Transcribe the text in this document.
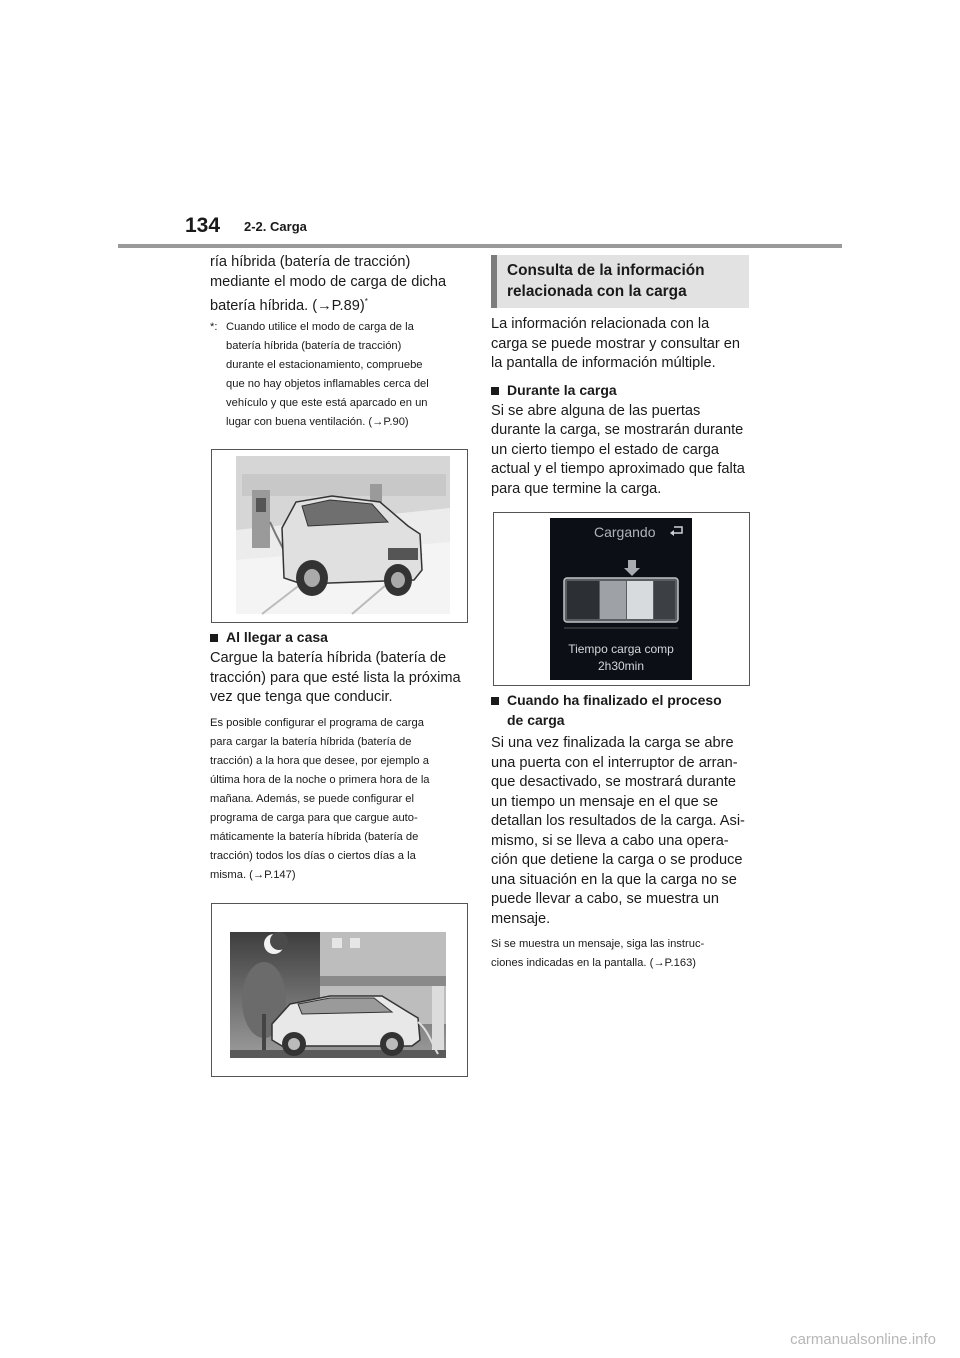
134 2-2. Carga

ría híbrida (batería de tracción)
mediante el modo de carga de dicha
batería híbrida. (→P.89)*

*: Cuando utilice el modo de carga de la
batería híbrida (batería de tracción)
durante el estacionamiento, compruebe
que no hay objetos inflamables cerca del
vehículo y que este está aparcado en un
lugar con buena ventilación. (→P.90)
Al llegar a casa

Cargue la batería híbrida (batería de
tracción) para que esté lista la próxima
vez que tenga que conducir.

Es posible configurar el programa de carga
para cargar la batería híbrida (batería de
tracción) a la hora que desee, por ejemplo a
última hora de la noche o primera hora de la
mañana. Además, se puede configurar el
programa de carga para que cargue auto-
máticamente la batería híbrida (batería de
tracción) todos los días o ciertos días a la
misma. (→P.147)

Consulta de la información
relacionada con la carga

La información relacionada con la
carga se puede mostrar y consultar en
la pantalla de información múltiple.

Durante la carga

Si se abre alguna de las puertas
durante la carga, se mostrarán durante
un cierto tiempo el estado de carga
actual y el tiempo aproximado que falta
para que termine la carga.

Cargando
Tiempo carga comp
2h30min
Cuando ha finalizado el proceso
de carga

Si una vez finalizada la carga se abre
una puerta con el interruptor de arran-
que desactivado, se mostrará durante
un tiempo un mensaje en el que se
detallan los resultados de la carga. Asi-
mismo, si se lleva a cabo una opera-
ción que detiene la carga o se produce
una situación en la que la carga no se
puede llevar a cabo, se muestra un
mensaje.

Si se muestra un mensaje, siga las instruc-
ciones indicadas en la pantalla. (→P.163)

carmanualsonline.info
